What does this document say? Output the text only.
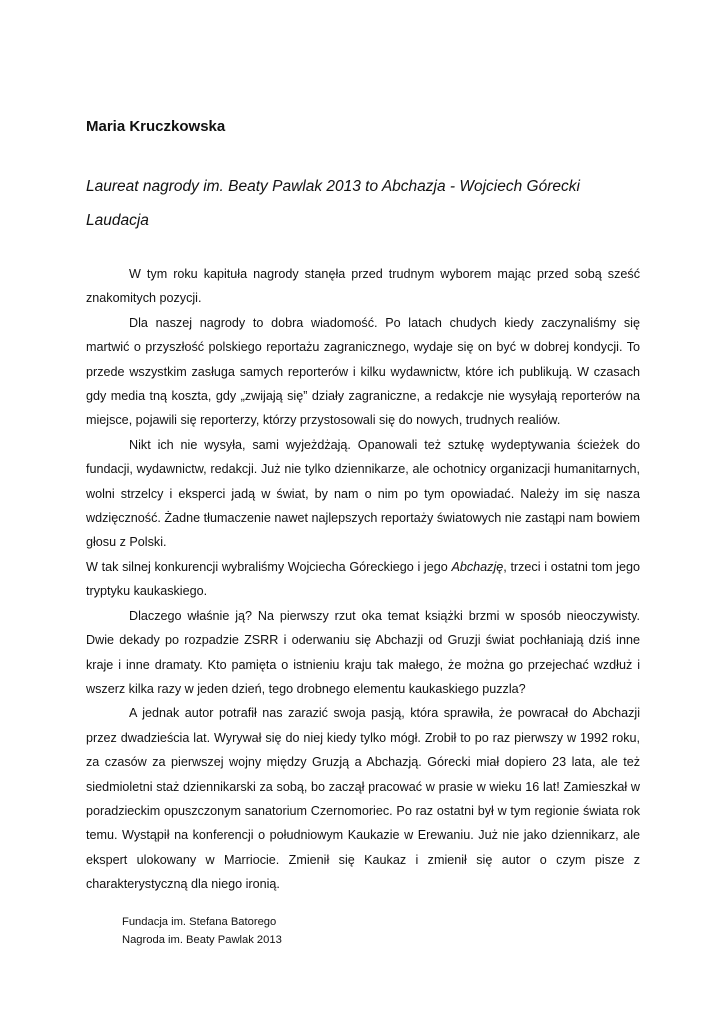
Maria Kruczkowska
Laureat nagrody im. Beaty Pawlak 2013 to Abchazja - Wojciech Górecki
Laudacja

W tym roku kapituła nagrody stanęła przed trudnym wyborem mając przed sobą sześć znakomitych pozycji.

Dla naszej nagrody to dobra wiadomość. Po latach chudych kiedy zaczynaliśmy się martwić o przyszłość polskiego reportażu zagranicznego, wydaje się on być w dobrej kondycji. To przede wszystkim zasługa samych reporterów i kilku wydawnictw, które ich publikują. W czasach gdy media tną koszta, gdy „zwijają się” działy zagraniczne, a redakcje nie wysyłają reporterów na miejsce, pojawili się reporterzy, którzy przystosowali się do nowych, trudnych realiów.

Nikt ich nie wysyła, sami wyjeżdżają. Opanowali też sztukę wydeptywania ścieżek do fundacji, wydawnictw, redakcji. Już nie tylko dziennikarze, ale ochotnicy organizacji humanitarnych, wolni strzelcy i eksperci jadą w świat, by nam o nim po tym opowiadać. Należy im się nasza wdzięczność. Żadne tłumaczenie nawet najlepszych reportaży światowych nie zastąpi nam bowiem głosu z Polski.

W tak silnej konkurencji wybraliśmy Wojciecha Góreckiego i jego Abchazję, trzeci i ostatni tom jego tryptyku kaukaskiego.

Dlaczego właśnie ją? Na pierwszy rzut oka temat książki brzmi w sposób nieoczywisty. Dwie dekady po rozpadzie ZSRR i oderwaniu się Abchazji od Gruzji świat pochłaniają dziś inne kraje i inne dramaty. Kto pamięta o istnieniu kraju tak małego, że można go przejechać wzdłuż i wszerz kilka razy w jeden dzień, tego drobnego elementu kaukaskiego puzzla?

A jednak autor potrafił nas zarazić swoja pasją, która sprawiła, że powracał do Abchazji przez dwadzieścia lat. Wyrywał się do niej kiedy tylko mógł. Zrobił to po raz pierwszy w 1992 roku, za czasów za pierwszej wojny między Gruzją a Abchazją. Górecki miał dopiero 23 lata, ale też siedmioletni staż dziennikarski za sobą, bo zaczął pracować w prasie w wieku 16 lat! Zamieszkał w poradzieckim opuszczonym sanatorium Czernomoriec. Po raz ostatni był w tym regionie świata rok temu. Wystąpił na konferencji o południowym Kaukazie w Erewaniu. Już nie jako dziennikarz, ale ekspert ulokowany w Marriocie. Zmienił się Kaukaz i zmienił się autor o czym pisze z charakterystyczną dla niego ironią.

Fundacja im. Stefana Batorego
Nagroda im. Beaty Pawlak 2013
